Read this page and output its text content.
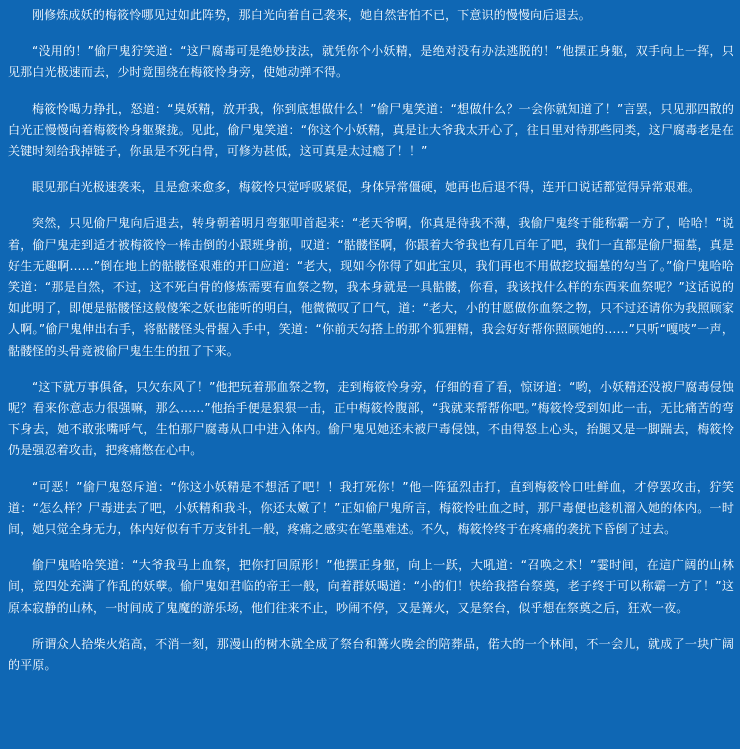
刚修炼成妖的梅筱怜哪见过如此阵势，那白光向着自己袭来，她自然害怕不已，下意识的慢慢向后退去。

“没用的！”偷尸鬼狞笑道：“这尸腐毒可是绝妙技法，就凭你个小妖精，是绝对没有办法逃脱的！”他摆正身躯，双手向上一挥，只见那白光极速而去，少时竟围绕在梅筱怜身旁，使她动弹不得。

梅筱怜喝力挣扎，怒道：“臭妖精，放开我，你到底想做什么！”偷尸鬼笑道：“想做什么？一会你就知道了！”言罢，只见那四散的白光正慢慢向着梅筱怜身躯聚拢。见此，偷尸鬼笑道：“你这个小妖精，真是让大爷我太开心了，往日里对待那些同类，这尸腐毒老是在关键时刻给我掉链子，你虽是不死白骨，可修为甚低，这可真是太过瘾了！！”

眼见那白光极速袭来，且是愈来愈多，梅筱怜只觉呼吸紧促，身体异常僵硬，她再也后退不得，连开口说话都觉得异常艰难。

突然，只见偷尸鬼向后退去，转身朝着明月弯躯叩首起来：“老天爷啊，你真是待我不薄，我偷尸鬼终于能称霸一方了，哈哈！”说着，偷尸鬼走到适才被梅筱怜一棒击倒的小跟班身前，叹道：“骷髅怪啊，你跟着大爷我也有几百年了吧，我们一直都是偷尸掘墓，真是好生无趣啊……”倒在地上的骷髅怪艰难的开口应道：“老大，现如今你得了如此宝贝，我们再也不用做挖坟掘墓的勾当了。”偷尸鬼哈哈笑道：“那是自然，不过，这不死白骨的修炼需要有血祭之物，我本身就是一具骷髅，你看，我该找什么样的东西来血祭呢？”这话说的如此明了，即便是骷髅怪这般傻笨之妖也能听的明白，他微微叹了口气，道：“老大，小的甘愿做你血祭之物，只不过还请你为我照顾家人啊。”偷尸鬼伸出右手，将骷髅怪头骨握入手中，笑道：“你前天勾搭上的那个狐狸精，我会好好帮你照顾她的……”只听“嘎吱”一声，骷髅怪的头骨竟被偷尸鬼生生的扭了下来。

“这下就万事俱备，只欠东风了！”他把玩着那血祭之物，走到梅筱怜身旁，仔细的看了看，惊讶道：“哟，小妖精还没被尸腐毒侵蚀呢？看来你意志力很强嘛，那么……”他抬手便是狠狠一击，正中梅筱怜腹部，“我就来帮帮你吧。”梅筱怜受到如此一击，无比痛苦的弯下身去，她不敢张嘴呼气，生怕那尸腐毒从口中进入体内。偷尸鬼见她还未被尸毒侵蚀，不由得怒上心头，抬腿又是一脚踹去，梅筱怜仍是强忍着攻击，把疼痛憋在心中。

“可恶！”偷尸鬼怒斥道：“你这小妖精是不想活了吧！！我打死你！”他一阵猛烈击打，直到梅筱怜口吐鲜血，才停罢攻击，狞笑道：“怎么样？尸毒进去了吧，小妖精和我斗，你还太嫩了！”正如偷尸鬼所言，梅筱怜吐血之时，那尸毒便也趁机溜入她的体内。一时间，她只觉全身无力，体内好似有千万支针扎一般，疼痛之感实在笔墨难述。不久，梅筱怜终于在疼痛的袭扰下昏倒了过去。

偷尸鬼哈哈笑道：“大爷我马上血祭，把你打回原形！”他摆正身躯，向上一跃，大吼道：“召唤之术！”霎时间，在這广阔的山林间，竟四处充满了作乱的妖孽。偷尸鬼如君临的帝王一般，向着群妖喝道：“小的们！快给我搭台祭奠，老子终于可以称霸一方了！”这原本寂静的山林，一时间成了鬼魔的游乐场，他们往来不止，吵闹不停，又是篝火，又是祭台，似乎想在祭奠之后，狂欢一夜。

所谓众人拾柴火焰高，不消一刻，那漫山的树木就全成了祭台和篝火晚会的陪葬品，偌大的一个林间，不一会儿，就成了一块广阔的平原。
